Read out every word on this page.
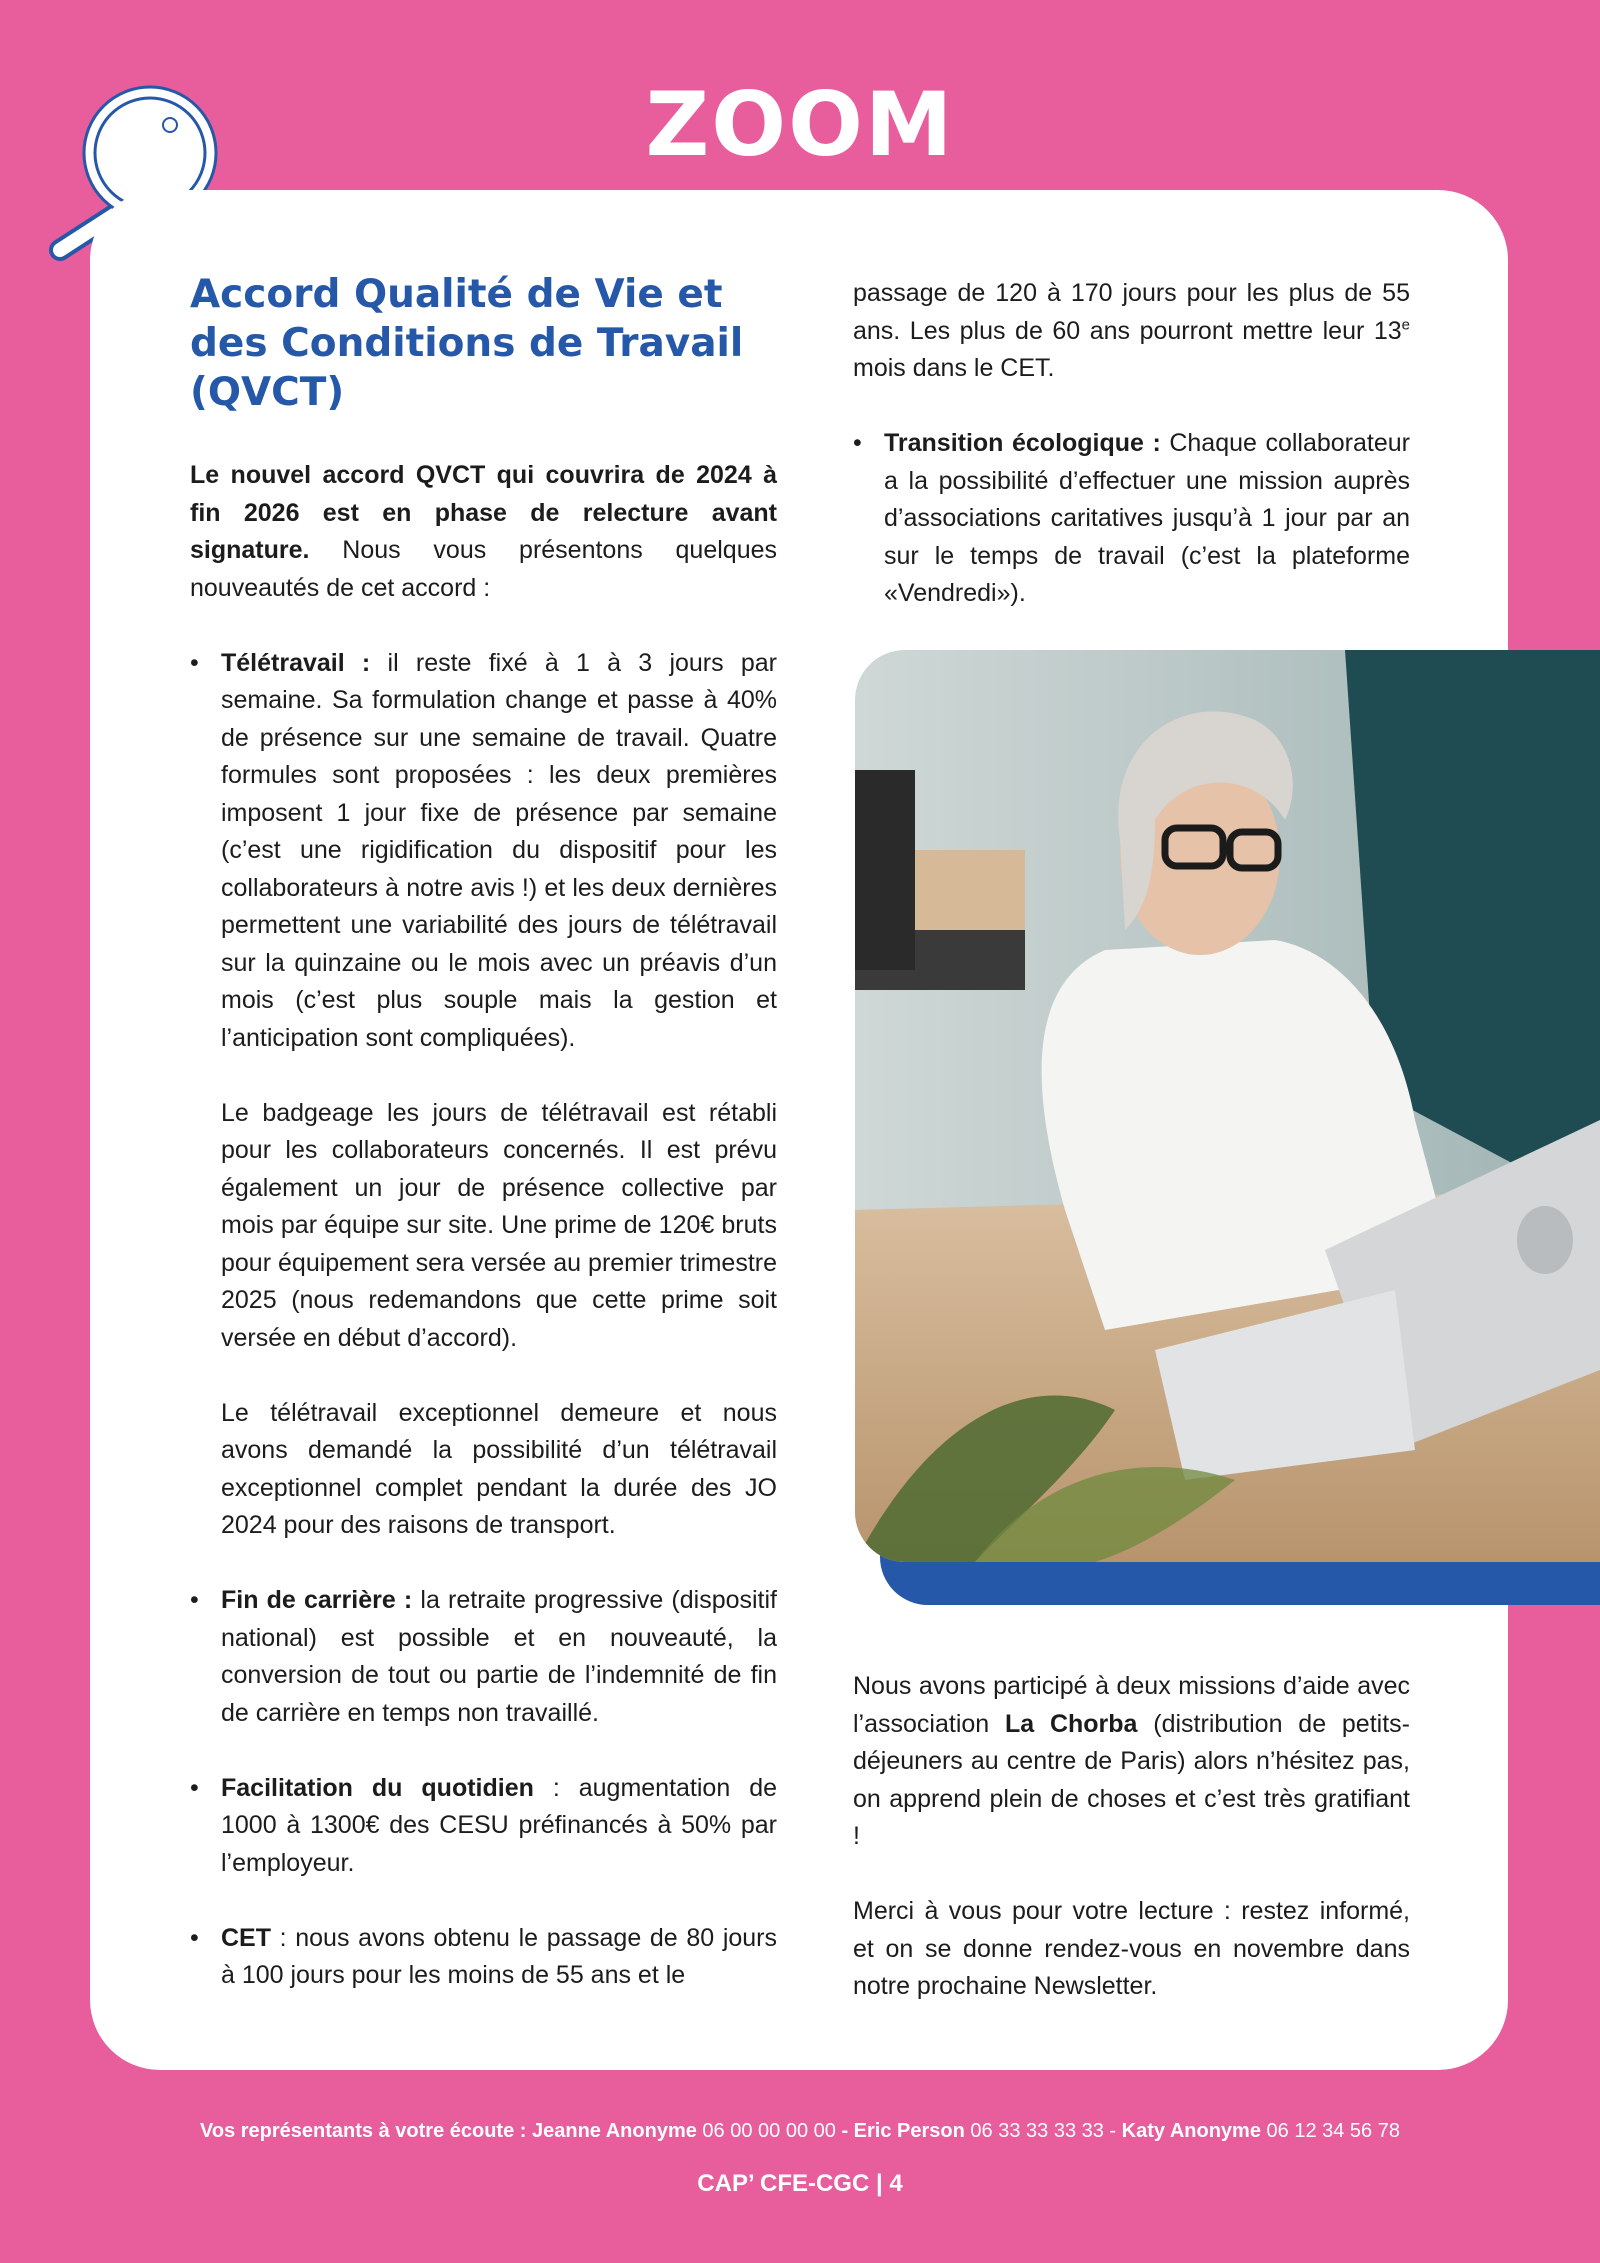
ZOOM
Accord Qualité de Vie et des Conditions de Travail (QVCT)

Le nouvel accord QVCT qui couvrira de 2024 à fin 2026 est en phase de relecture avant signature. Nous vous présentons quelques nouveautés de cet accord :

• Télétravail : il reste fixé à 1 à 3 jours par semaine. Sa formulation change et passe à 40% de présence sur une semaine de travail. Quatre formules sont proposées : les deux premières imposent 1 jour fixe de présence par semaine (c’est une rigidification du dispositif pour les collaborateurs à notre avis !) et les deux dernières permettent une variabilité des jours de télétravail sur la quinzaine ou le mois avec un préavis d’un mois (c’est plus souple mais la gestion et l’anticipation sont compliquées).

Le badgeage les jours de télétravail est rétabli pour les collaborateurs concernés. Il est prévu également un jour de présence collective par mois par équipe sur site. Une prime de 120€ bruts pour équipement sera versée au premier trimestre 2025 (nous redemandons que cette prime soit versée en début d’accord).

Le télétravail exceptionnel demeure et nous avons demandé la possibilité d’un télétravail exceptionnel complet pendant la durée des JO 2024 pour des raisons de transport.

• Fin de carrière : la retraite progressive (dispositif national) est possible et en nouveauté, la conversion de tout ou partie de l’indemnité de fin de carrière en temps non travaillé.

• Facilitation du quotidien : augmentation de 1000 à 1300€ des CESU préfinancés à 50% par l’employeur.

• CET : nous avons obtenu le passage de 80 jours à 100 jours pour les moins de 55 ans et le

passage de 120 à 170 jours pour les plus de 55 ans. Les plus de 60 ans pourront mettre leur 13e mois dans le CET.

• Transition écologique : Chaque collaborateur a la possibilité d’effectuer une mission auprès d’associations caritatives jusqu’à 1 jour par an sur le temps de travail (c’est la plateforme «Vendredi»).

Nous avons participé à deux missions d’aide avec l’association La Chorba (distribution de petits-déjeuners au centre de Paris) alors n’hésitez pas, on apprend plein de choses et c’est très gratifiant !

Merci à vous pour votre lecture : restez informé, et on se donne rendez-vous en novembre dans notre prochaine Newsletter.

Vos représentants à votre écoute : Jeanne Anonyme 06 00 00 00 00 - Eric Person 06 33 33 33 33 - Katy Anonyme 06 12 34 56 78
CAP’ CFE-CGC | 4
